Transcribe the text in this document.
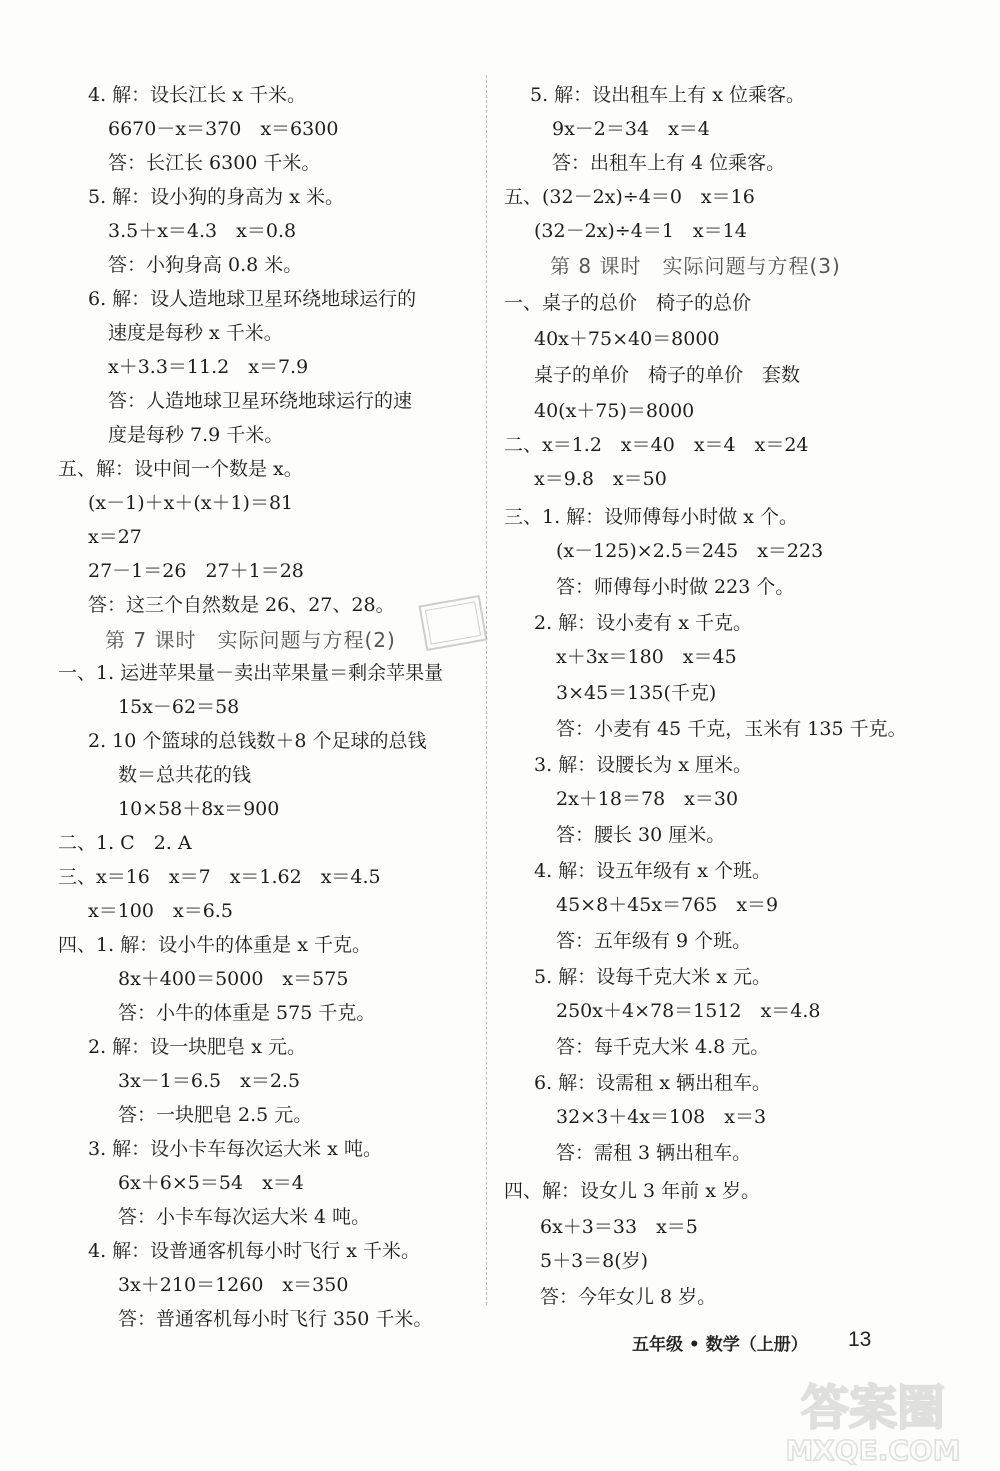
4. 解：设长江长 x 千米。
6670－x＝370　x＝6300
答：长江长 6300 千米。
5. 解：设小狗的身高为 x 米。
3.5＋x＝4.3　x＝0.8
答：小狗身高 0.8 米。
6. 解：设人造地球卫星环绕地球运行的
速度是每秒 x 千米。
x＋3.3＝11.2　x＝7.9
答：人造地球卫星环绕地球运行的速
度是每秒 7.9 千米。
五、解：设中间一个数是 x。
(x－1)＋x＋(x＋1)＝81
x＝27
27－1＝26　27＋1＝28
答：这三个自然数是 26、27、28。
第 7 课时　实际问题与方程(2)
一、1. 运进苹果量－卖出苹果量＝剩余苹果量
15x－62＝58
2. 10 个篮球的总钱数＋8 个足球的总钱
数＝总共花的钱
10×58＋8x＝900
二、1. C　2. A
三、x＝16　x＝7　x＝1.62　x＝4.5
x＝100　x＝6.5
四、1. 解：设小牛的体重是 x 千克。
8x＋400＝5000　x＝575
答：小牛的体重是 575 千克。
2. 解：设一块肥皂 x 元。
3x－1＝6.5　x＝2.5
答：一块肥皂 2.5 元。
3. 解：设小卡车每次运大米 x 吨。
6x＋6×5＝54　x＝4
答：小卡车每次运大米 4 吨。
4. 解：设普通客机每小时飞行 x 千米。
3x＋210＝1260　x＝350
答：普通客机每小时飞行 350 千米。
5. 解：设出租车上有 x 位乘客。
9x－2＝34　x＝4
答：出租车上有 4 位乘客。
五、(32－2x)÷4＝0　x＝16
(32－2x)÷4＝1　x＝14
第 8 课时　实际问题与方程(3)
一、桌子的总价　椅子的总价
40x＋75×40＝8000
桌子的单价　椅子的单价　套数
40(x＋75)＝8000
二、x＝1.2　x＝40　x＝4　x＝24
x＝9.8　x＝50
三、1. 解：设师傅每小时做 x 个。
(x－125)×2.5＝245　x＝223
答：师傅每小时做 223 个。
2. 解：设小麦有 x 千克。
x＋3x＝180　x＝45
3×45＝135(千克)
答：小麦有 45 千克，玉米有 135 千克。
3. 解：设腰长为 x 厘米。
2x＋18＝78　x＝30
答：腰长 30 厘米。
4. 解：设五年级有 x 个班。
45×8＋45x＝765　x＝9
答：五年级有 9 个班。
5. 解：设每千克大米 x 元。
250x＋4×78＝1512　x＝4.8
答：每千克大米 4.8 元。
6. 解：设需租 x 辆出租车。
32×3＋4x＝108　x＝3
答：需租 3 辆出租车。
四、解：设女儿 3 年前 x 岁。
6x＋3＝33　x＝5
5＋3＝8(岁)
答：今年女儿 8 岁。
五年级 • 数学（上册） 13
答案圈
MXQE.COM
